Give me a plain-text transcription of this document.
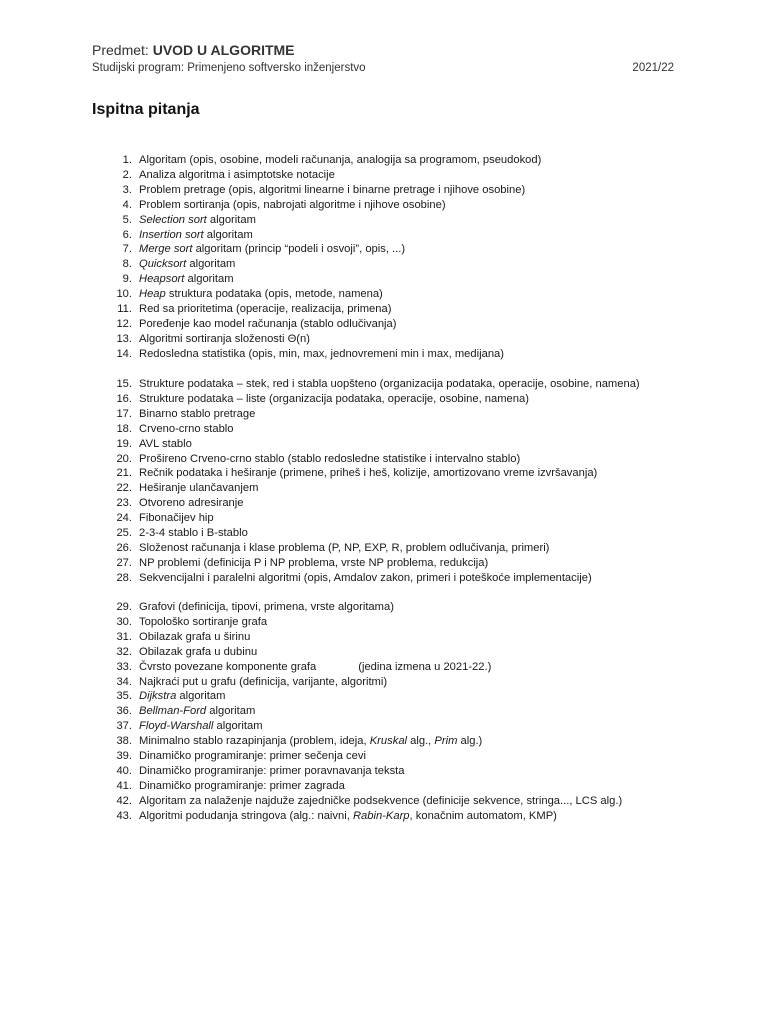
Predmet: UVOD U ALGORITME
Studijski program: Primenjeno softversko inženjerstvo	2021/22
Ispitna pitanja
1. Algoritam (opis, osobine, modeli računanja, analogija sa programom, pseudokod)
2. Analiza algoritma i asimptotske notacije
3. Problem pretrage (opis, algoritmi linearne i binarne pretrage i njihove osobine)
4. Problem sortiranja (opis, nabrojati algoritme i njihove osobine)
5. Selection sort algoritam
6. Insertion sort algoritam
7. Merge sort algoritam (princip “podeli i osvoji”, opis, ...)
8. Quicksort algoritam
9. Heapsort algoritam
10. Heap struktura podataka (opis, metode, namena)
11. Red sa prioritetima (operacije, realizacija, primena)
12. Poređenje kao model računanja (stablo odlučivanja)
13. Algoritmi sortiranja složenosti Θ(n)
14. Redosledna statistika (opis, min, max, jednovremeni min i max, medijana)
15. Strukture podataka – stek, red i stabla uopšteno (organizacija podataka, operacije, osobine, namena)
16. Strukture podataka – liste (organizacija podataka, operacije, osobine, namena)
17. Binarno stablo pretrage
18. Crveno-crno stablo
19. AVL stablo
20. Prošireno Crveno-crno stablo (stablo redosledne statistike i intervalno stablo)
21. Rečnik podataka i heširanje (primene, priheš i heš, kolizije, amortizovano vreme izvršavanja)
22. Heširanje ulančavanjem
23. Otvoreno adresiranje
24. Fibonačijev hip
25. 2-3-4 stablo i B-stablo
26. Složenost računanja i klase problema (P, NP, EXP, R, problem odlučivanja, primeri)
27. NP problemi (definicija P i NP problema, vrste NP problema, redukcija)
28. Sekvencijalni i paralelni algoritmi (opis, Amdalov zakon, primeri i poteškoće implementacije)
29. Grafovi (definicija, tipovi, primena, vrste algoritama)
30. Topološko sortiranje grafa
31. Obilazak grafa u širinu
32. Obilazak grafa u dubinu
33. Čvrsto povezane komponente grafa	(jedina izmena u 2021-22.)
34. Najkraći put u grafu (definicija, varijante, algoritmi)
35. Dijkstra algoritam
36. Bellman-Ford algoritam
37. Floyd-Warshall algoritam
38. Minimalno stablo razapinjanja (problem, ideja, Kruskal alg., Prim alg.)
39. Dinamičko programiranje: primer sečenja cevi
40. Dinamičko programiranje: primer poravnavanja teksta
41. Dinamičko programiranje: primer zagrada
42. Algoritam za nalaženje najduže zajedničke podsekvence (definicije sekvence, stringa..., LCS alg.)
43. Algoritmi podudanja stringova (alg.: naivni, Rabin-Karp, konačnim automatom, KMP)
